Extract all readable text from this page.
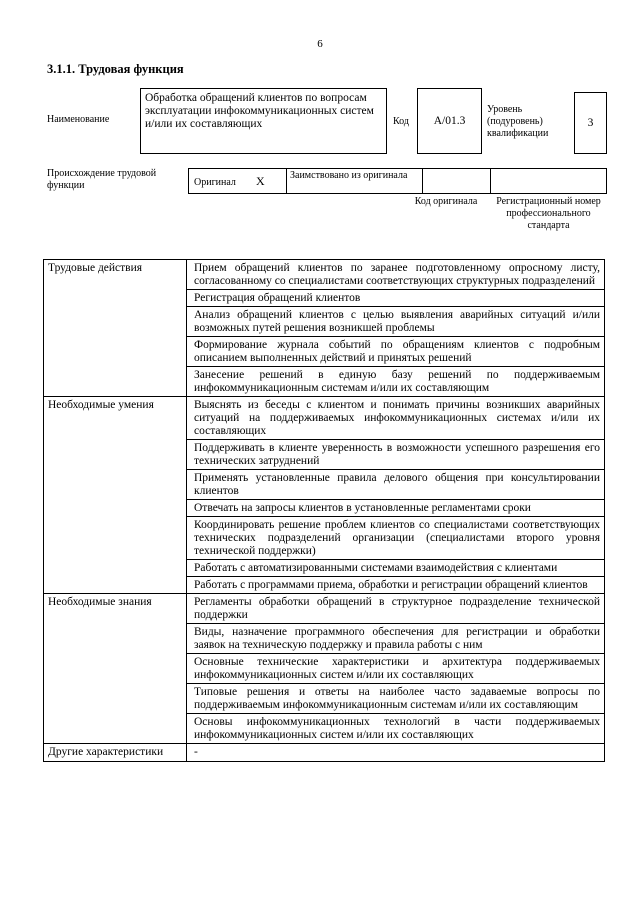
6
3.1.1. Трудовая функция
Наименование
Обработка обращений клиентов по вопросам эксплуатации инфокоммуникационных систем и/или их составляющих	Код	A/01.3
Уровень (подуровень) квалификации
3
Происхождение трудовой функции	Оригинал X	Заимствовано из оригинала
Код оригинала	Регистрационный номер профессионального стандарта
Трудовые действия	Прием обращений клиентов по заранее подготовленному опросному листу, согласованному со специалистами соответствующих структурных подразделений
	Регистрация обращений клиентов
	Анализ обращений клиентов с целью выявления аварийных ситуаций и/или возможных путей решения возникшей проблемы
	Формирование журнала событий по обращениям клиентов с подробным описанием выполненных действий и принятых решений
	Занесение решений в единую базу решений по поддерживаемым инфокоммуникационным системам и/или их составляющим
Необходимые умения	Выяснять из беседы с клиентом и понимать причины возникших аварийных ситуаций на поддерживаемых инфокоммуникационных системах и/или их составляющих
	Поддерживать в клиенте уверенность в возможности успешного разрешения его технических затруднений
	Применять установленные правила делового общения при консультировании клиентов
	Отвечать на запросы клиентов в установленные регламентами сроки
	Координировать решение проблем клиентов со специалистами соответствующих технических подразделений организации (специалистами второго уровня технической поддержки)
	Работать с автоматизированными системами взаимодействия с клиентами
	Работать с программами приема, обработки и регистрации обращений клиентов
Необходимые знания	Регламенты обработки обращений в структурное подразделение технической поддержки
	Виды, назначение программного обеспечения для регистрации и обработки заявок на техническую поддержку и правила работы с ним
	Основные технические характеристики и архитектура поддерживаемых инфокоммуникационных систем и/или их составляющих
	Типовые решения и ответы на наиболее часто задаваемые вопросы по поддерживаемым инфокоммуникационным системам и/или их составляющим
	Основы инфокоммуникационных технологий в части поддерживаемых инфокоммуникационных систем и/или их составляющих
Другие характеристики	-
